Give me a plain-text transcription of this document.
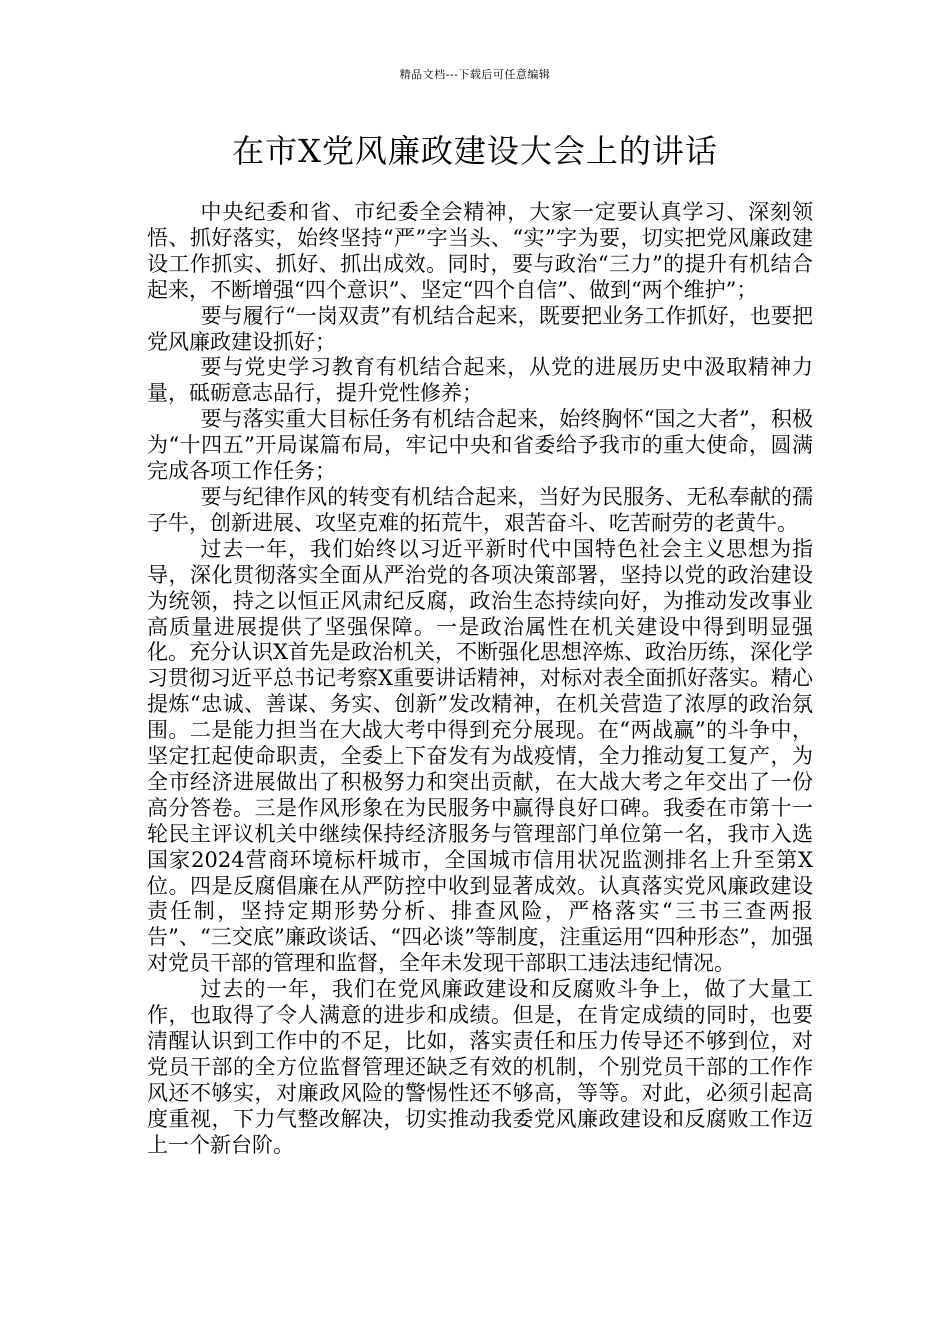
精品文档---下载后可任意编辑
在市X党风廉政建设大会上的讲话

中央纪委和省、市纪委全会精神，大家一定要认真学习、深刻领悟、抓好落实，始终坚持“严”字当头、“实”字为要，切实把党风廉政建设工作抓实、抓好、抓出成效。同时，要与政治“三力”的提升有机结合起来，不断增强“四个意识”、坚定“四个自信”、做到“两个维护”；

要与履行“一岗双责”有机结合起来，既要把业务工作抓好，也要把党风廉政建设抓好；

要与党史学习教育有机结合起来，从党的进展历史中汲取精神力量，砥砺意志品行，提升党性修养；

要与落实重大目标任务有机结合起来，始终胸怀“国之大者”，积极为“十四五”开局谋篇布局，牢记中央和省委给予我市的重大使命，圆满完成各项工作任务；

要与纪律作风的转变有机结合起来，当好为民服务、无私奉献的孺子牛，创新进展、攻坚克难的拓荒牛，艰苦奋斗、吃苦耐劳的老黄牛。

过去一年，我们始终以习近平新时代中国特色社会主义思想为指导，深化贯彻落实全面从严治党的各项决策部署，坚持以党的政治建设为统领，持之以恒正风肃纪反腐，政治生态持续向好，为推动发改事业高质量进展提供了坚强保障。一是政治属性在机关建设中得到明显强化。充分认识X首先是政治机关，不断强化思想淬炼、政治历练，深化学习贯彻习近平总书记考察X重要讲话精神，对标对表全面抓好落实。精心提炼“忠诚、善谋、务实、创新”发改精神，在机关营造了浓厚的政治氛围。二是能力担当在大战大考中得到充分展现。在“两战赢”的斗争中，坚定扛起使命职责，全委上下奋发有为战疫情，全力推动复工复产，为全市经济进展做出了积极努力和突出贡献，在大战大考之年交出了一份高分答卷。三是作风形象在为民服务中赢得良好口碑。我委在市第十一轮民主评议机关中继续保持经济服务与管理部门单位第一名，我市入选国家2024营商环境标杆城市，全国城市信用状况监测排名上升至第X位。四是反腐倡廉在从严防控中收到显著成效。认真落实党风廉政建设责任制，坚持定期形势分析、排查风险，严格落实“三书三查两报告”、“三交底”廉政谈话、“四必谈”等制度，注重运用“四种形态”，加强对党员干部的管理和监督，全年未发现干部职工违法违纪情况。

过去的一年，我们在党风廉政建设和反腐败斗争上，做了大量工作，也取得了令人满意的进步和成绩。但是，在肯定成绩的同时，也要清醒认识到工作中的不足，比如，落实责任和压力传导还不够到位，对党员干部的全方位监督管理还缺乏有效的机制，个别党员干部的工作作风还不够实，对廉政风险的警惕性还不够高，等等。对此，必须引起高度重视，下力气整改解决，切实推动我委党风廉政建设和反腐败工作迈上一个新台阶。
